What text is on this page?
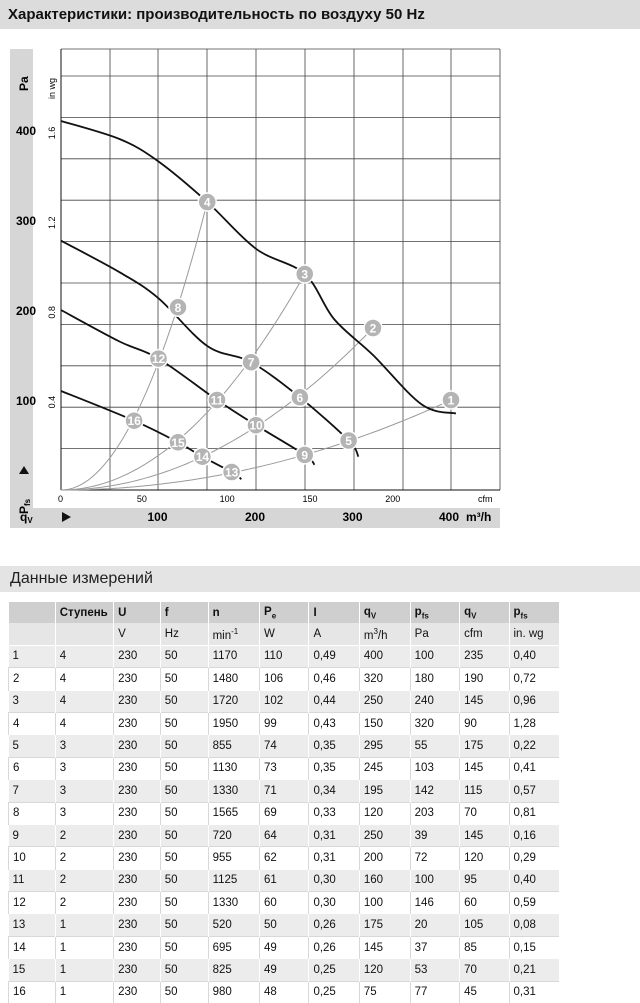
Характеристики: производительность по воздуху 50 Hz
100
200
300
400
Pa
0.4
0.8
1.2
1.6
in wg
Pfs	0	50	100	150	200	cfm
100	200	300	400 m³/h
qV
1
2
3
4
5
6
7
8
9
10
11
12
13
14
15
16
Данные измерений
	Ступень	U	f	n	$P_e$	I	$q_V$	$p_{fs}$	$q_V$	$p_{fs}$
		V	Hz	$\min^{-1}$	W	A	$m^3/h$	Pa	cfm	in. wg
1	4	230	50	1170	110	0,49	400	100	235	0,40
2	4	230	50	1480	106	0,46	320	180	190	0,72
3	4	230	50	1720	102	0,44	250	240	145	0,96
4	4	230	50	1950	99	0,43	150	320	90	1,28
5	3	230	50	855	74	0,35	295	55	175	0,22
6	3	230	50	1130	73	0,35	245	103	145	0,41
7	3	230	50	1330	71	0,34	195	142	115	0,57
8	3	230	50	1565	69	0,33	120	203	70	0,81
9	2	230	50	720	64	0,31	250	39	145	0,16
10	2	230	50	955	62	0,31	200	72	120	0,29
11	2	230	50	1125	61	0,30	160	100	95	0,40
12	2	230	50	1330	60	0,30	100	146	60	0,59
13	1	230	50	520	50	0,26	175	20	105	0,08
14	1	230	50	695	49	0,26	145	37	85	0,15
15	1	230	50	825	49	0,25	120	53	70	0,21
16	1	230	50	980	48	0,25	75	77	45	0,31
